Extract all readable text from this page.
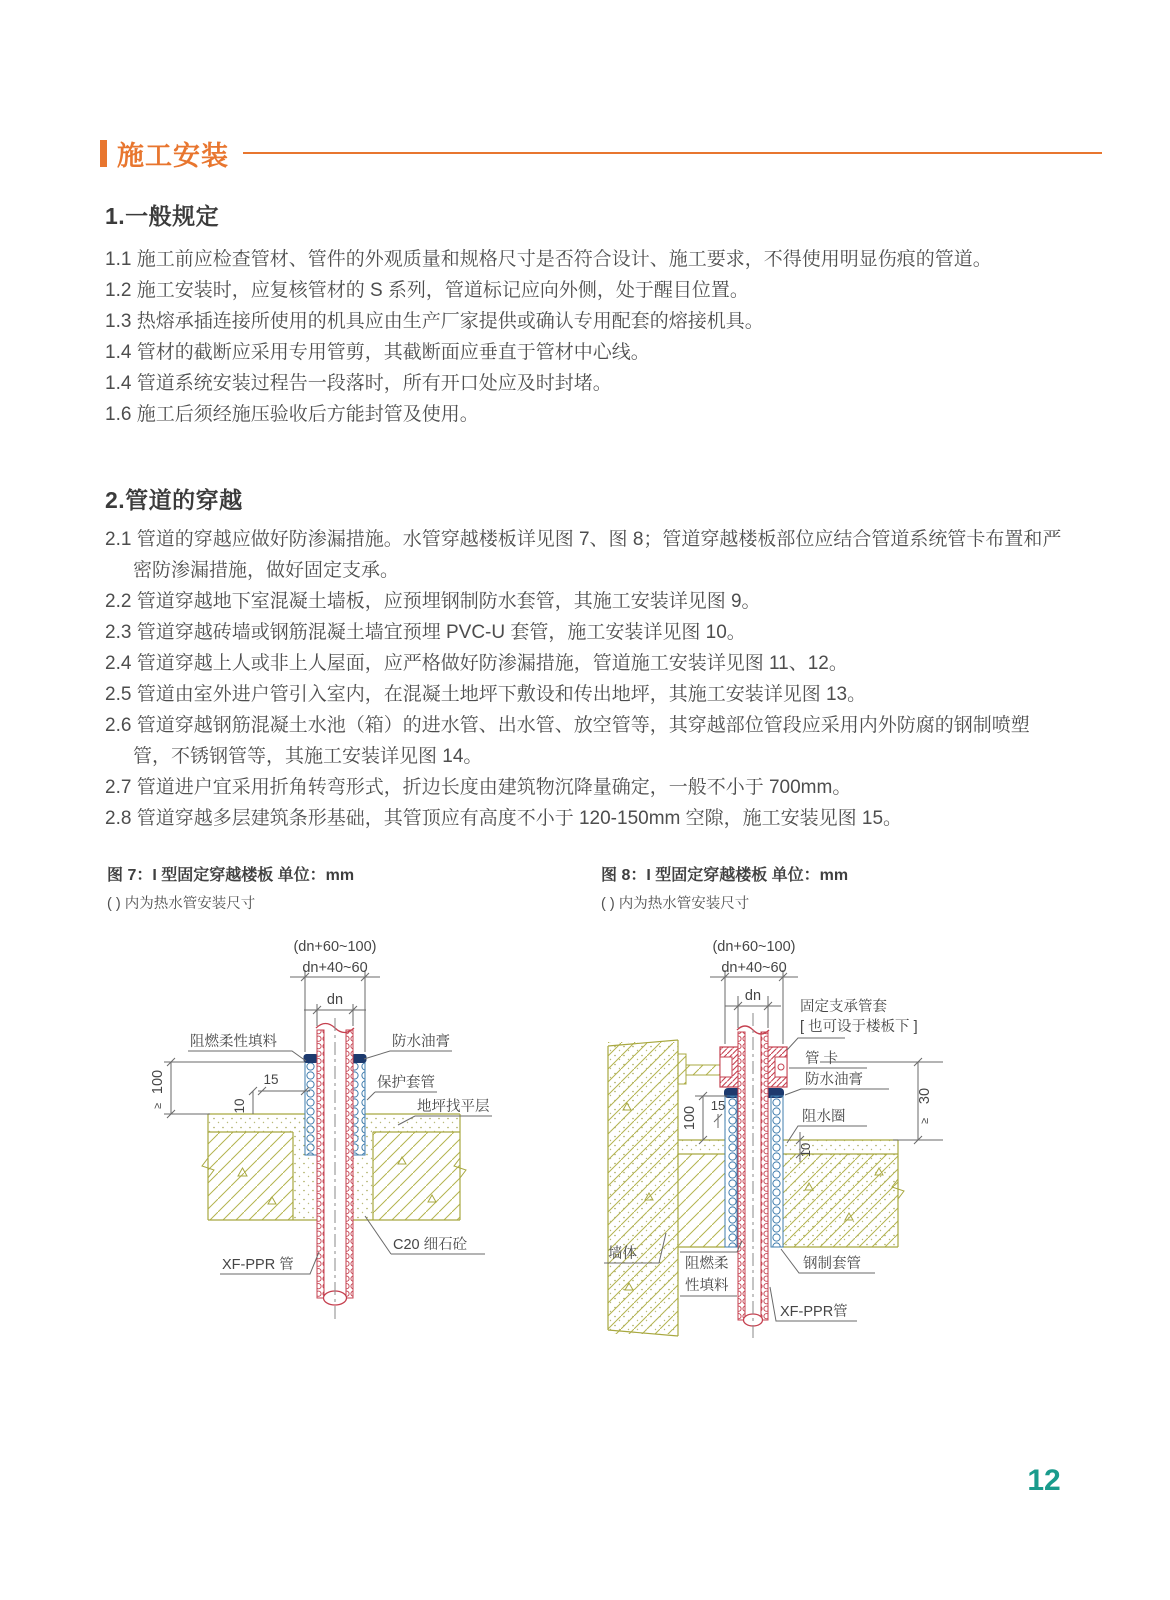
施工安装
1.一般规定

1.1 施工前应检查管材、管件的外观质量和规格尺寸是否符合设计、施工要求，不得使用明显伤痕的管道。

1.2 施工安装时，应复核管材的 S 系列，管道标记应向外侧，处于醒目位置。

1.3 热熔承插连接所使用的机具应由生产厂家提供或确认专用配套的熔接机具。

1.4 管材的截断应采用专用管剪，其截断面应垂直于管材中心线。

1.4 管道系统安装过程告一段落时，所有开口处应及时封堵。

1.6 施工后须经施压验收后方能封管及使用。

2.管道的穿越

2.1 管道的穿越应做好防渗漏措施。水管穿越楼板详见图 7、图 8；管道穿越楼板部位应结合管道系统管卡布置和严密防渗漏措施，做好固定支承。

2.2 管道穿越地下室混凝土墙板，应预埋钢制防水套管，其施工安装详见图 9。

2.3 管道穿越砖墙或钢筋混凝土墙宜预埋 PVC-U 套管，施工安装详见图 10。

2.4 管道穿越上人或非上人屋面，应严格做好防渗漏措施，管道施工安装详见图 11、12。

2.5 管道由室外进户管引入室内，在混凝土地坪下敷设和传出地坪，其施工安装详见图 13。

2.6 管道穿越钢筋混凝土水池（箱）的进水管、出水管、放空管等，其穿越部位管段应采用内外防腐的钢制喷塑管，不锈钢管等，其施工安装详见图 14。

2.7 管道进户宜采用折角转弯形式，折边长度由建筑物沉降量确定，一般不小于 700mm。

2.8 管道穿越多层建筑条形基础，其管顶应有高度不小于 120-150mm 空隙，施工安装见图 15。

图 7：I 型固定穿越楼板 单位：mm
( ) 内为热水管安装尺寸
图 8：I 型固定穿越楼板 单位：mm
( ) 内为热水管安装尺寸
(dn+60~100)
dn+40~60
dn
100
≥
15
10
阻燃柔性填料	防水油膏
保护套管
地坪找平层
C20 细石砼
XF-PPR 管
(dn+60~100)
dn+40~60
dn
100
15
30
≥
10
固定支承管套
[ 也可设于楼板下 ]
管 卡
防水油膏
阻水圈
墙体
阻燃柔
性填料
钢制套管
XF-PPR管
12
